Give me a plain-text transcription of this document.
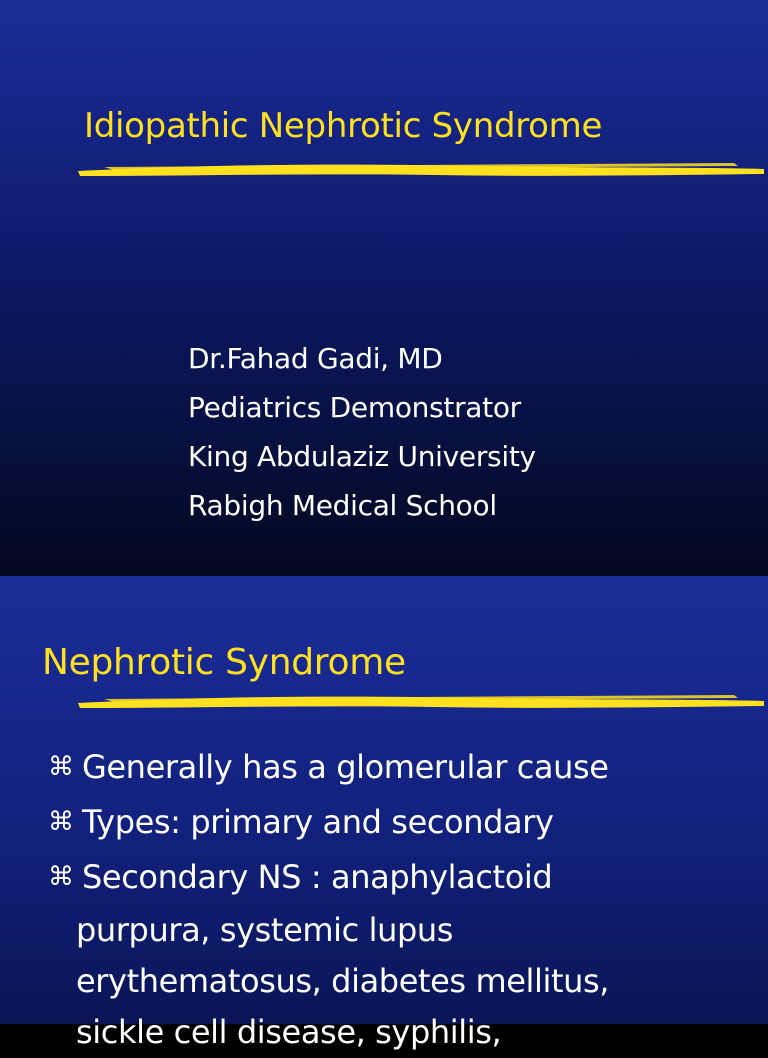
Idiopathic Nephrotic Syndrome
Dr.Fahad Gadi, MD
Pediatrics Demonstrator
King Abdulaziz University
Rabigh Medical School
Nephrotic Syndrome
⌘ Generally has a glomerular cause
⌘ Types: primary and secondary
⌘ Secondary NS : anaphylactoid
purpura, systemic lupus
erythematosus, diabetes mellitus,
sickle cell disease, syphilis,
